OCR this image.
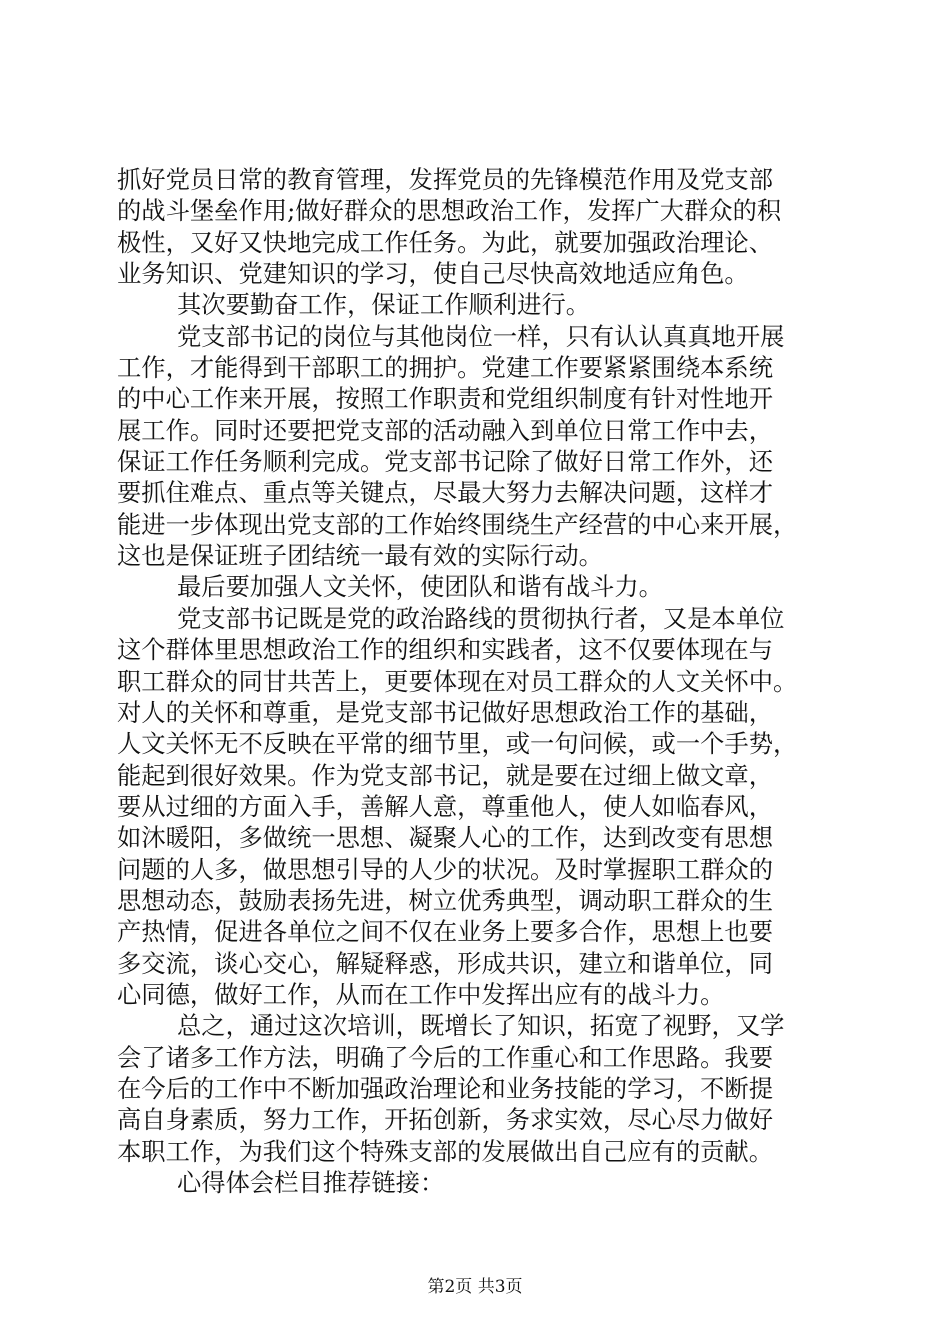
抓好党员日常的教育管理，发挥党员的先锋模范作用及党支部
的战斗堡垒作用;做好群众的思想政治工作，发挥广大群众的积
极性，又好又快地完成工作任务。为此，就要加强政治理论、
业务知识、党建知识的学习，使自己尽快高效地适应角色。
其次要勤奋工作，保证工作顺利进行。
党支部书记的岗位与其他岗位一样，只有认认真真地开展
工作，才能得到干部职工的拥护。党建工作要紧紧围绕本系统
的中心工作来开展，按照工作职责和党组织制度有针对性地开
展工作。同时还要把党支部的活动融入到单位日常工作中去，
保证工作任务顺利完成。党支部书记除了做好日常工作外，还
要抓住难点、重点等关键点，尽最大努力去解决问题，这样才
能进一步体现出党支部的工作始终围绕生产经营的中心来开展，
这也是保证班子团结统一最有效的实际行动。
最后要加强人文关怀，使团队和谐有战斗力。
党支部书记既是党的政治路线的贯彻执行者，又是本单位
这个群体里思想政治工作的组织和实践者，这不仅要体现在与
职工群众的同甘共苦上，更要体现在对员工群众的人文关怀中。
对人的关怀和尊重，是党支部书记做好思想政治工作的基础，
人文关怀无不反映在平常的细节里，或一句问候，或一个手势，
能起到很好效果。作为党支部书记，就是要在过细上做文章，
要从过细的方面入手，善解人意，尊重他人，使人如临春风，
如沐暖阳，多做统一思想、凝聚人心的工作，达到改变有思想
问题的人多，做思想引导的人少的状况。及时掌握职工群众的
思想动态，鼓励表扬先进，树立优秀典型，调动职工群众的生
产热情，促进各单位之间不仅在业务上要多合作，思想上也要
多交流，谈心交心，解疑释惑，形成共识，建立和谐单位，同
心同德，做好工作，从而在工作中发挥出应有的战斗力。
总之，通过这次培训，既增长了知识，拓宽了视野，又学
会了诸多工作方法，明确了今后的工作重心和工作思路。我要
在今后的工作中不断加强政治理论和业务技能的学习，不断提
高自身素质，努力工作，开拓创新，务求实效，尽心尽力做好
本职工作，为我们这个特殊支部的发展做出自己应有的贡献。
心得体会栏目推荐链接：
第2页 共3页
